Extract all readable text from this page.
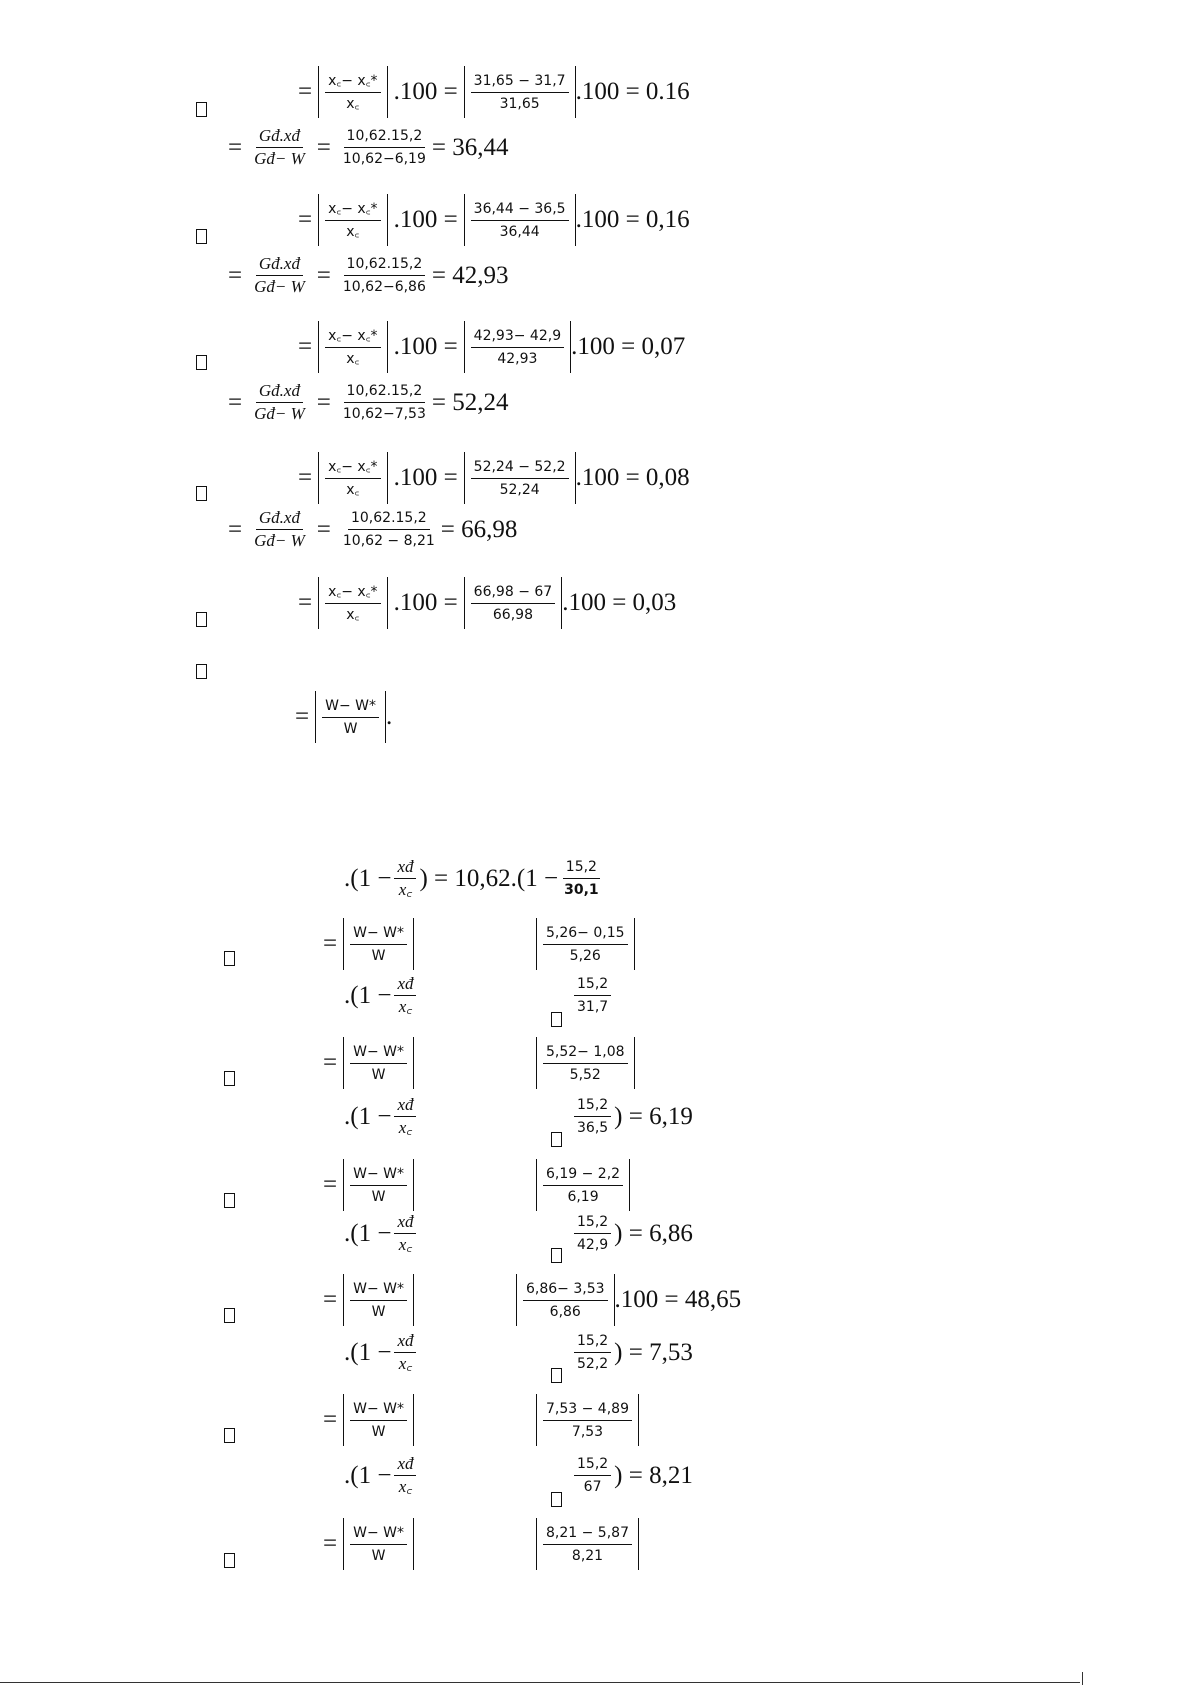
= $\frac{x꜀- x꜀*}{x꜀} .100 = \frac{31,65 - 31,7}{31,65} .100 = 0.16$
= $\frac{Gđ.xđ}{Gđ- W} = \frac{10,62.15,2}{10,62-6,19} = 36,44$
= $\frac{x꜀- x꜀*}{x꜀} .100 = \frac{36,44 - 36,5}{36,44} .100 = 0,16$
= $\frac{Gđ.xđ}{Gđ- W} = \frac{10,62.15,2}{10,62-6,86} = 42,93$
= $\frac{x꜀- x꜀*}{x꜀} .100 = \frac{42,93- 42,9}{42,93} .100 = 0,07$
= $\frac{Gđ.xđ}{Gđ- W} = \frac{10,62.15,2}{10,62-7,53} = 52,24$
= $\frac{x꜀- x꜀*}{x꜀} .100 = \frac{52,24 - 52,2}{52,24} .100 = 0,08$
= $\frac{Gđ.xđ}{Gđ- W} = \frac{10,62.15,2}{10,62 - 8,21} = 66,98$
= $\frac{x꜀- x꜀*}{x꜀} .100 = \frac{66,98 - 67}{66,98} .100 = 0,03$
= $\frac{W- W*}{W}$ .
$.(1 - \frac{xđ}{x꜀}$ ) = $10,62.(1 - \frac{15,2}{30,1}$
= $\frac{W- W*}{W}$	$\frac{5,26- 0,15}{5,26}$
$.(1 - \frac{xđ}{x꜀}$	$\frac{15,2}{31,7}$
= $\frac{W- W*}{W}$	$\frac{5,52- 1,08}{5,52}$
$.(1 - \frac{xđ}{x꜀}$	$\frac{15,2}{36,5}$ ) = 6,19
= $\frac{W- W*}{W}$	$\frac{6,19 - 2,2}{6,19}$
$.(1 - \frac{xđ}{x꜀}$	$\frac{15,2}{42,9}$ ) = 6,86
= $\frac{W- W*}{W}$	$\frac{6,86- 3,53}{6,86} .100 = 48,65$
$.(1 - \frac{xđ}{x꜀}$	$\frac{15,2}{52,2}$ ) = 7,53
= $\frac{W- W*}{W}$	$\frac{7,53 - 4,89}{7,53}$
$.(1 - \frac{xđ}{x꜀}$	$\frac{15,2}{67}$ ) = 8,21
= $\frac{W- W*}{W}$	$\frac{8,21 - 5,87}{8,21}$
